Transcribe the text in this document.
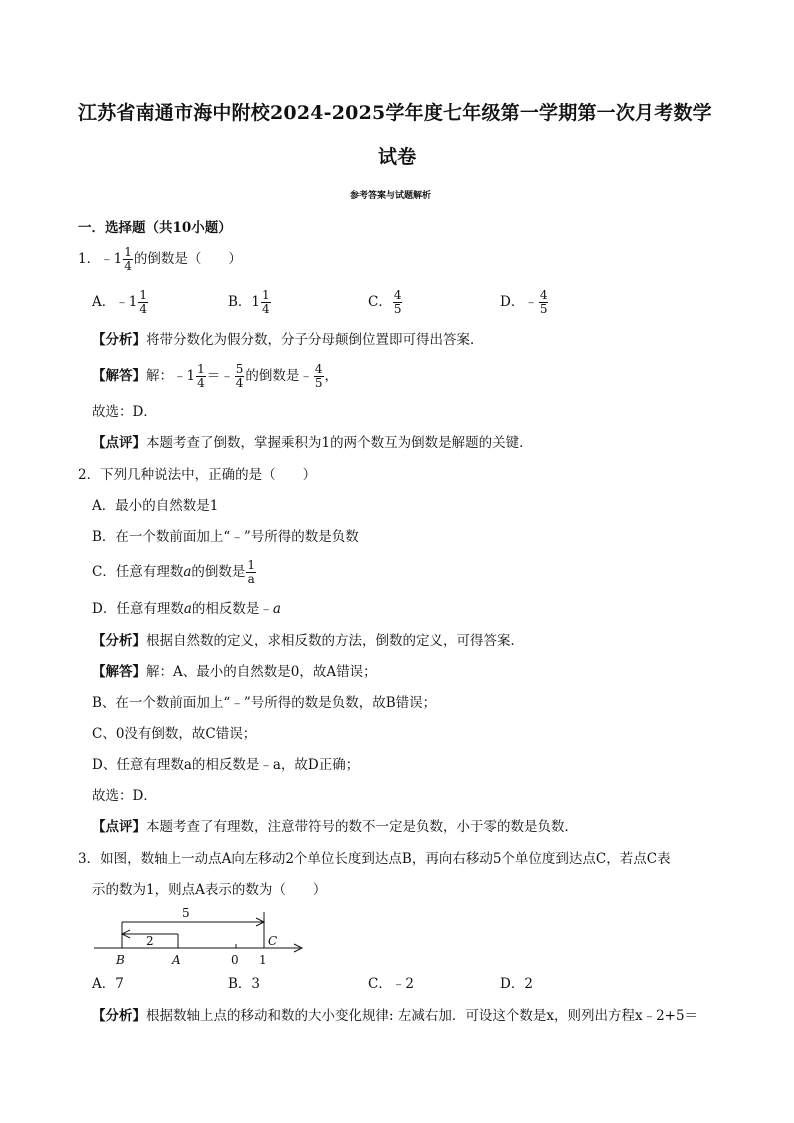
江苏省南通市海中附校2024-2025学年度七年级第一学期第一次月考数学
试卷
参考答案与试题解析
一．选择题（共10小题）
1．﹣1 $\frac{1}{4}$ 的倒数是（　　）
A．﹣1 $\frac{1}{4}$	B．$1 \frac{1}{4}$	C． $\frac{4}{5}$	D．﹣ $\frac{4}{5}$
【分析】将带分数化为假分数，分子分母颠倒位置即可得出答案．
【解答】解：﹣1 $\frac{1}{4}$ ＝﹣ $\frac{5}{4}$ 的倒数是﹣ $\frac{4}{5}$ ，
故选：D．
【点评】本题考查了倒数，掌握乘积为1的两个数互为倒数是解题的关键．
2．下列几种说法中，正确的是（　　）
A．最小的自然数是1
B．在一个数前面加上“﹣”号所得的数是负数
C．任意有理数a的倒数是 $\frac{1}{a}$
D．任意有理数a的相反数是﹣a
【分析】根据自然数的定义，求相反数的方法，倒数的定义，可得答案．
【解答】解：A、最小的自然数是0，故A错误；
B、在一个数前面加上“﹣”号所得的数是负数，故B错误；
C、0没有倒数，故C错误；
D、任意有理数a的相反数是﹣a，故D正确；
故选：D．
【点评】本题考查了有理数，注意带符号的数不一定是负数，小于零的数是负数．
3．如图，数轴上一动点A向左移动2个单位长度到达点B，再向右移动5个单位度到达点C，若点C表
示的数为1，则点A表示的数为（　　）
5
2	C
B	A	0 1
A．7	B．3	C．﹣2	D．2
【分析】根据数轴上点的移动和数的大小变化规律: 左减右加．可设这个数是x，则列出方程x﹣2+5＝
